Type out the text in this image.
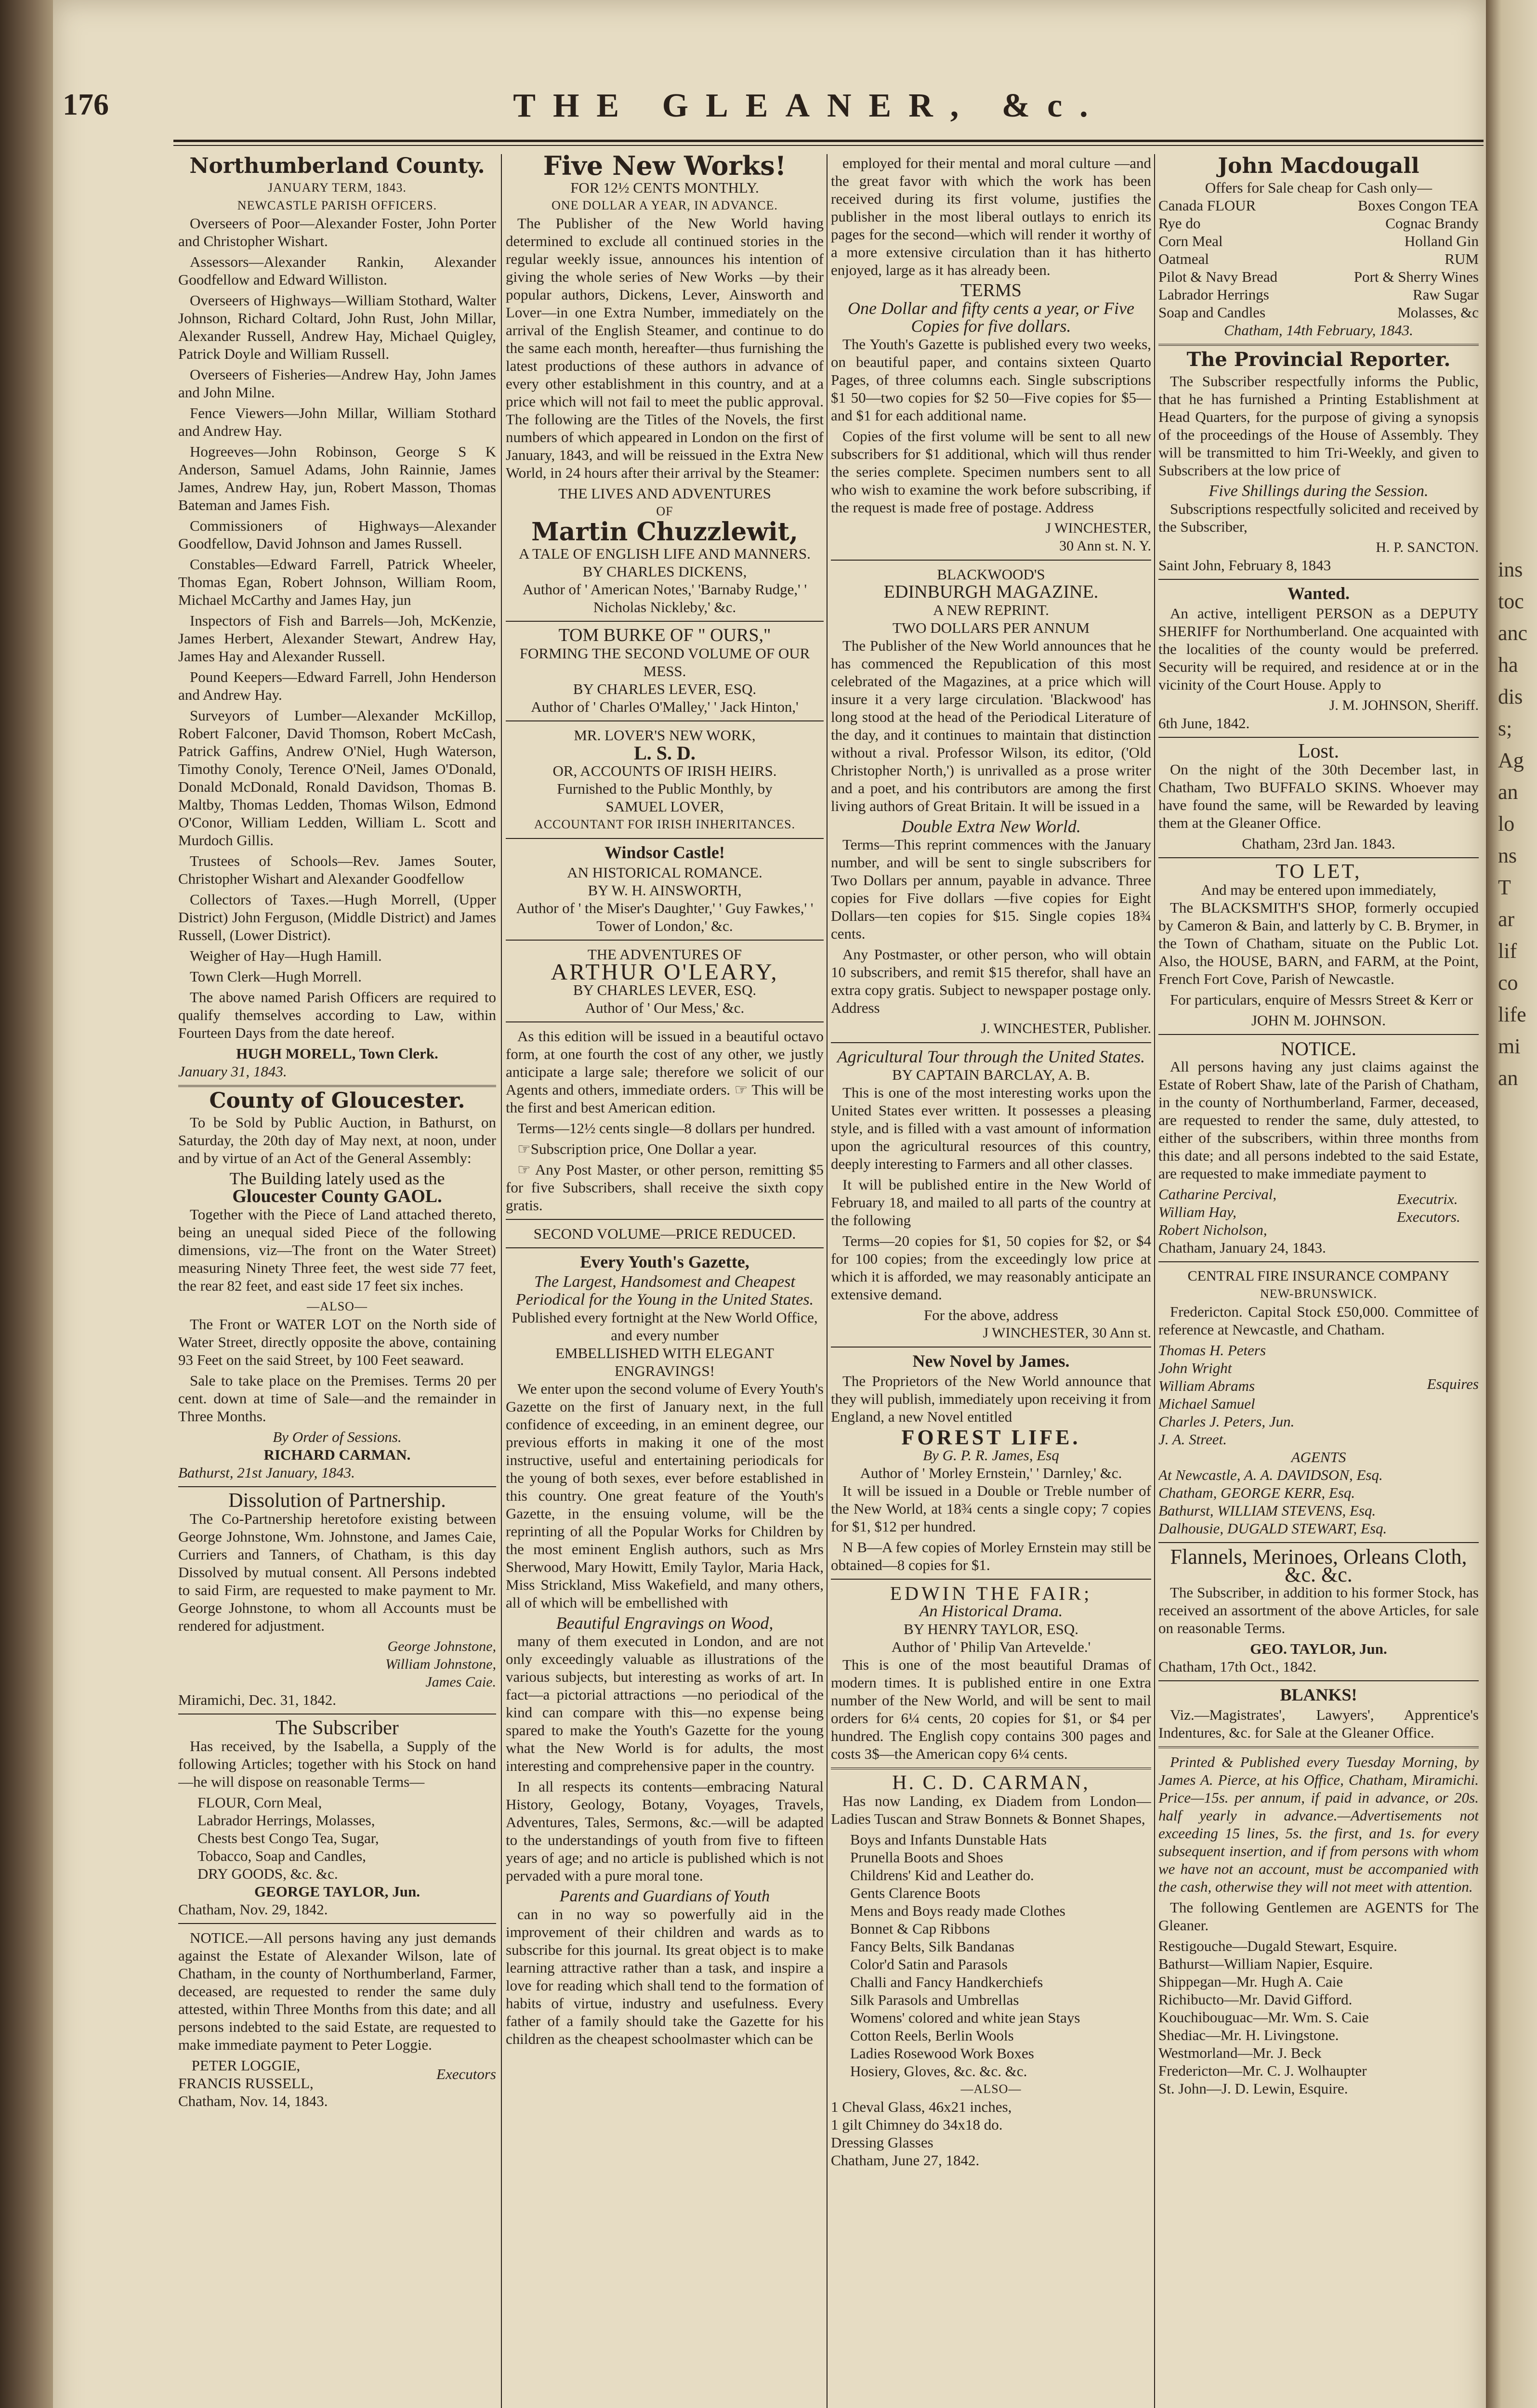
ins
toc
anc
ha
dis
s;
Ag
an
lo
ns
T
ar
lif
co
life
mi
an
176	THE GLEANER, &c.
Northumberland County.
JANUARY TERM, 1843.
NEWCASTLE PARISH OFFICERS.

Overseers of Poor—Alexander Foster, John Porter and Christopher Wishart.

Assessors—Alexander Rankin, Alexander Goodfellow and Edward Williston.

Overseers of Highways—William Stothard, Walter Johnson, Richard Coltard, John Rust, John Millar, Alexander Russell, Andrew Hay, Michael Quigley, Patrick Doyle and William Russell.

Overseers of Fisheries—Andrew Hay, John James and John Milne.

Fence Viewers—John Millar, William Stothard and Andrew Hay.

Hogreeves—John Robinson, George S K Anderson, Samuel Adams, John Rainnie, James James, Andrew Hay, jun, Robert Masson, Thomas Bateman and James Fish.

Commissioners of Highways—Alexander Goodfellow, David Johnson and James Russell.

Constables—Edward Farrell, Patrick Wheeler, Thomas Egan, Robert Johnson, William Room, Michael McCarthy and James Hay, jun

Inspectors of Fish and Barrels—Joh, McKenzie, James Herbert, Alexander Stewart, Andrew Hay, James Hay and Alexander Russell.

Pound Keepers—Edward Farrell, John Henderson and Andrew Hay.

Surveyors of Lumber—Alexander McKillop, Robert Falconer, David Thomson, Robert McCash, Patrick Gaffins, Andrew O'Niel, Hugh Waterson, Timothy Conoly, Terence O'Neil, James O'Donald, Donald McDonald, Ronald Davidson, Thomas B. Maltby, Thomas Ledden, Thomas Wilson, Edmond O'Conor, William Ledden, William L. Scott and Murdoch Gillis.

Trustees of Schools—Rev. James Souter, Christopher Wishart and Alexander Goodfellow

Collectors of Taxes.—Hugh Morrell, (Upper District) John Ferguson, (Middle District) and James Russell, (Lower District).

Weigher of Hay—Hugh Hamill.

Town Clerk—Hugh Morrell.

The above named Parish Officers are required to qualify themselves according to Law, within Fourteen Days from the date hereof.

HUGH MORELL, Town Clerk.
January 31, 1843.
County of Gloucester.

To be Sold by Public Auction, in Bathurst, on Saturday, the 20th day of May next, at noon, under and by virtue of an Act of the General Assembly:

The Building lately used as the
Gloucester County GAOL.

Together with the Piece of Land attached thereto, being an unequal sided Piece of the following dimensions, viz—The front on the Water Street) measuring Ninety Three feet, the west side 77 feet, the rear 82 feet, and east side 17 feet six inches.

—ALSO—

The Front or WATER LOT on the North side of Water Street, directly opposite the above, containing 93 Feet on the said Street, by 100 Feet seaward.

Sale to take place on the Premises. Terms 20 per cent. down at time of Sale—and the remainder in Three Months.

By Order of Sessions.
RICHARD CARMAN.
Bathurst, 21st January, 1843.
Dissolution of Partnership.

The Co-Partnership heretofore existing between George Johnstone, Wm. Johnstone, and James Caie, Curriers and Tanners, of Chatham, is this day Dissolved by mutual consent. All Persons indebted to said Firm, are requested to make payment to Mr. George Johnstone, to whom all Accounts must be rendered for adjustment.

George Johnstone,
William Johnstone,
James Caie.
Miramichi, Dec. 31, 1842.
The Subscriber

Has received, by the Isabella, a Supply of the following Articles; together with his Stock on hand—he will dispose on reasonable Terms—

FLOUR, Corn Meal,
Labrador Herrings, Molasses,
Chests best Congo Tea, Sugar,
Tobacco, Soap and Candles,
DRY GOODS, &c. &c.
GEORGE TAYLOR, Jun.
Chatham, Nov. 29, 1842.

NOTICE.—All persons having any just demands against the Estate of Alexander Wilson, late of Chatham, in the county of Northumberland, Farmer, deceased, are requested to render the same duly attested, within Three Months from this date; and all persons indebted to the said Estate, are requested to make immediate payment to Peter Loggie.

PETER LOGGIE,
FRANCIS RUSSELL,
Executors
Chatham, Nov. 14, 1843.
Five New Works!
FOR 12½ CENTS MONTHLY.
ONE DOLLAR A YEAR, IN ADVANCE.

The Publisher of the New World having determined to exclude all continued stories in the regular weekly issue, announces his intention of giving the whole series of New Works —by their popular authors, Dickens, Lever, Ainsworth and Lover—in one Extra Number, immediately on the arrival of the English Steamer, and continue to do the same each month, hereafter—thus furnishing the latest productions of these authors in advance of every other establishment in this country, and at a price which will not fail to meet the public approval. The following are the Titles of the Novels, the first numbers of which appeared in London on the first of January, 1843, and will be reissued in the Extra New World, in 24 hours after their arrival by the Steamer:

THE LIVES AND ADVENTURES
OF
Martin Chuzzlewit,
A TALE OF ENGLISH LIFE AND MANNERS.
BY CHARLES DICKENS,
Author of ' American Notes,' 'Barnaby Rudge,' ' Nicholas Nickleby,' &c.
TOM BURKE OF " OURS,"
FORMING THE SECOND VOLUME OF OUR MESS.
BY CHARLES LEVER, ESQ.
Author of ' Charles O'Malley,' ' Jack Hinton,'
MR. LOVER'S NEW WORK,
L. S. D.
OR, ACCOUNTS OF IRISH HEIRS.
Furnished to the Public Monthly, by
SAMUEL LOVER,
ACCOUNTANT FOR IRISH INHERITANCES.
Windsor Castle!
AN HISTORICAL ROMANCE.
BY W. H. AINSWORTH,
Author of ' the Miser's Daughter,' ' Guy Fawkes,' ' Tower of London,' &c.
THE ADVENTURES OF
ARTHUR O'LEARY,
BY CHARLES LEVER, ESQ.
Author of ' Our Mess,' &c.

As this edition will be issued in a beautiful octavo form, at one fourth the cost of any other, we justly anticipate a large sale; therefore we solicit of our Agents and others, immediate orders. ☞ This will be the first and best American edition.

Terms—12½ cents single—8 dollars per hundred.

☞Subscription price, One Dollar a year.

☞ Any Post Master, or other person, remitting $5 for five Subscribers, shall receive the sixth copy gratis.

SECOND VOLUME—PRICE REDUCED.
Every Youth's Gazette,
The Largest, Handsomest and Cheapest Periodical for the Young in the United States.
Published every fortnight at the New World Office, and every number
EMBELLISHED WITH ELEGANT ENGRAVINGS!

We enter upon the second volume of Every Youth's Gazette on the first of January next, in the full confidence of exceeding, in an eminent degree, our previous efforts in making it one of the most instructive, useful and entertaining periodicals for the young of both sexes, ever before established in this country. One great feature of the Youth's Gazette, in the ensuing volume, will be the reprinting of all the Popular Works for Children by the most eminent English authors, such as Mrs Sherwood, Mary Howitt, Emily Taylor, Maria Hack, Miss Strickland, Miss Wakefield, and many others, all of which will be embellished with

Beautiful Engravings on Wood,

many of them executed in London, and are not only exceedingly valuable as illustrations of the various subjects, but interesting as works of art. In fact—a pictorial attractions —no periodical of the kind can compare with this—no expense being spared to make the Youth's Gazette for the young what the New World is for adults, the most interesting and comprehensive paper in the country.

In all respects its contents—embracing Natural History, Geology, Botany, Voyages, Travels, Adventures, Tales, Sermons, &c.—will be adapted to the understandings of youth from five to fifteen years of age; and no article is published which is not pervaded with a pure moral tone.

Parents and Guardians of Youth

can in no way so powerfully aid in the improvement of their children and wards as to subscribe for this journal. Its great object is to make learning attractive rather than a task, and inspire a love for reading which shall tend to the formation of habits of virtue, industry and usefulness. Every father of a family should take the Gazette for his children as the cheapest schoolmaster which can be

employed for their mental and moral culture —and the great favor with which the work has been received during its first volume, justifies the publisher in the most liberal outlays to enrich its pages for the second—which will render it worthy of a more extensive circulation than it has hitherto enjoyed, large as it has already been.

TERMS
One Dollar and fifty cents a year, or Five Copies for five dollars.

The Youth's Gazette is published every two weeks, on beautiful paper, and contains sixteen Quarto Pages, of three columns each. Single subscriptions $1 50—two copies for $2 50—Five copies for $5—and $1 for each additional name.

Copies of the first volume will be sent to all new subscribers for $1 additional, which will thus render the series complete. Specimen numbers sent to all who wish to examine the work before subscribing, if the request is made free of postage. Address

J WINCHESTER,
30 Ann st. N. Y.
BLACKWOOD'S
EDINBURGH MAGAZINE.
A NEW REPRINT.
TWO DOLLARS PER ANNUM

The Publisher of the New World announces that he has commenced the Republication of this most celebrated of the Magazines, at a price which will insure it a very large circulation. 'Blackwood' has long stood at the head of the Periodical Literature of the day, and it continues to maintain that distinction without a rival. Professor Wilson, its editor, ('Old Christopher North,') is unrivalled as a prose writer and a poet, and his contributors are among the first living authors of Great Britain. It will be issued in a

Double Extra New World.

Terms—This reprint commences with the January number, and will be sent to single subscribers for Two Dollars per annum, payable in advance. Three copies for Five dollars —five copies for Eight Dollars—ten copies for $15. Single copies 18¾ cents.

Any Postmaster, or other person, who will obtain 10 subscribers, and remit $15 therefor, shall have an extra copy gratis. Subject to newspaper postage only. Address

J. WINCHESTER, Publisher.
Agricultural Tour through the United States.
BY CAPTAIN BARCLAY, A. B.

This is one of the most interesting works upon the United States ever written. It possesses a pleasing style, and is filled with a vast amount of information upon the agricultural resources of this country, deeply interesting to Farmers and all other classes.

It will be published entire in the New World of February 18, and mailed to all parts of the country at the following

Terms—20 copies for $1, 50 copies for $2, or $4 for 100 copies; from the exceedingly low price at which it is afforded, we may reasonably anticipate an extensive demand.

For the above, address
J WINCHESTER, 30 Ann st.
New Novel by James.

The Proprietors of the New World announce that they will publish, immediately upon receiving it from England, a new Novel entitled

FOREST LIFE.
By G. P. R. James, Esq
Author of ' Morley Ernstein,' ' Darnley,' &c.

It will be issued in a Double or Treble number of the New World, at 18¾ cents a single copy; 7 copies for $1, $12 per hundred.

N B—A few copies of Morley Ernstein may still be obtained—8 copies for $1.

EDWIN THE FAIR;
An Historical Drama.
BY HENRY TAYLOR, ESQ.
Author of ' Philip Van Artevelde.'

This is one of the most beautiful Dramas of modern times. It is published entire in one Extra number of the New World, and will be sent to mail orders for 6¼ cents, 20 copies for $1, or $4 per hundred. The English copy contains 300 pages and costs 3$—the American copy 6¼ cents.

H. C. D. CARMAN,

Has now Landing, ex Diadem from London—Ladies Tuscan and Straw Bonnets & Bonnet Shapes,

Boys and Infants Dunstable Hats
Prunella Boots and Shoes
Childrens' Kid and Leather do.
Gents Clarence Boots
Mens and Boys ready made Clothes
Bonnet & Cap Ribbons
Fancy Belts, Silk Bandanas
Color'd Satin and Parasols
Challi and Fancy Handkerchiefs
Silk Parasols and Umbrellas
Womens' colored and white jean Stays
Cotton Reels, Berlin Wools
Ladies Rosewood Work Boxes
Hosiery, Gloves, &c. &c. &c.
—ALSO—
1 Cheval Glass, 46x21 inches,
1 gilt Chimney do 34x18 do.
Dressing Glasses
Chatham, June 27, 1842.
John Macdougall
Offers for Sale cheap for Cash only—
Canada FLOUR	Boxes Congon TEA
Rye do	Cognac Brandy
Corn Meal	Holland Gin
Oatmeal	RUM
Pilot & Navy Bread	Port & Sherry Wines
Labrador Herrings	Raw Sugar
Soap and Candles	Molasses, &c
Chatham, 14th February, 1843.
The Provincial Reporter.

The Subscriber respectfully informs the Public, that he has furnished a Printing Establishment at Head Quarters, for the purpose of giving a synopsis of the proceedings of the House of Assembly. They will be transmitted to him Tri-Weekly, and given to Subscribers at the low price of

Five Shillings during the Session.

Subscriptions respectfully solicited and received by the Subscriber,

H. P. SANCTON.
Saint John, February 8, 1843
Wanted.

An active, intelligent PERSON as a DEPUTY SHERIFF for Northumberland. One acquainted with the localities of the county would be preferred. Security will be required, and residence at or in the vicinity of the Court House. Apply to

J. M. JOHNSON, Sheriff.
6th June, 1842.
Lost.

On the night of the 30th December last, in Chatham, Two BUFFALO SKINS. Whoever may have found the same, will be Rewarded by leaving them at the Gleaner Office.

Chatham, 23rd Jan. 1843.
TO LET,
And may be entered upon immediately,

The BLACKSMITH'S SHOP, formerly occupied by Cameron & Bain, and latterly by C. B. Brymer, in the Town of Chatham, situate on the Public Lot. Also, the HOUSE, BARN, and FARM, at the Point, French Fort Cove, Parish of Newcastle.

For particulars, enquire of Messrs Street & Kerr or

JOHN M. JOHNSON.
NOTICE.

All persons having any just claims against the Estate of Robert Shaw, late of the Parish of Chatham, in the county of Northumberland, Farmer, deceased, are requested to render the same, duly attested, to either of the subscribers, within three months from this date; and all persons indebted to the said Estate, are requested to make immediate payment to

Catharine Percival,
William Hay,
Robert Nicholson,
Executrix. Executors.
Chatham, January 24, 1843.
CENTRAL FIRE INSURANCE COMPANY
NEW-BRUNSWICK.

Fredericton. Capital Stock £50,000. Committee of reference at Newcastle, and Chatham.

Thomas H. Peters
John Wright
William Abrams
Michael Samuel
Charles J. Peters, Jun.
J. A. Street.
Esquires
AGENTS
At Newcastle, A. A. DAVIDSON, Esq.
Chatham, GEORGE KERR, Esq.
Bathurst, WILLIAM STEVENS, Esq.
Dalhousie, DUGALD STEWART, Esq.
Flannels, Merinoes, Orleans Cloth, &c. &c.

The Subscriber, in addition to his former Stock, has received an assortment of the above Articles, for sale on reasonable Terms.

GEO. TAYLOR, Jun.
Chatham, 17th Oct., 1842.
BLANKS!

Viz.—Magistrates', Lawyers', Apprentice's Indentures, &c. for Sale at the Gleaner Office.

Printed & Published every Tuesday Morning, by James A. Pierce, at his Office, Chatham, Miramichi. Price—15s. per annum, if paid in advance, or 20s. half yearly in advance.—Advertisements not exceeding 15 lines, 5s. the first, and 1s. for every subsequent insertion, and if from persons with whom we have not an account, must be accompanied with the cash, otherwise they will not meet with attention.

The following Gentlemen are AGENTS for The Gleaner.

Restigouche—Dugald Stewart, Esquire.
Bathurst—William Napier, Esquire.
Shippegan—Mr. Hugh A. Caie
Richibucto—Mr. David Gifford.
Kouchibouguac—Mr. Wm. S. Caie
Shediac—Mr. H. Livingstone.
Westmorland—Mr. J. Beck
Fredericton—Mr. C. J. Wolhaupter
St. John—J. D. Lewin, Esquire.
